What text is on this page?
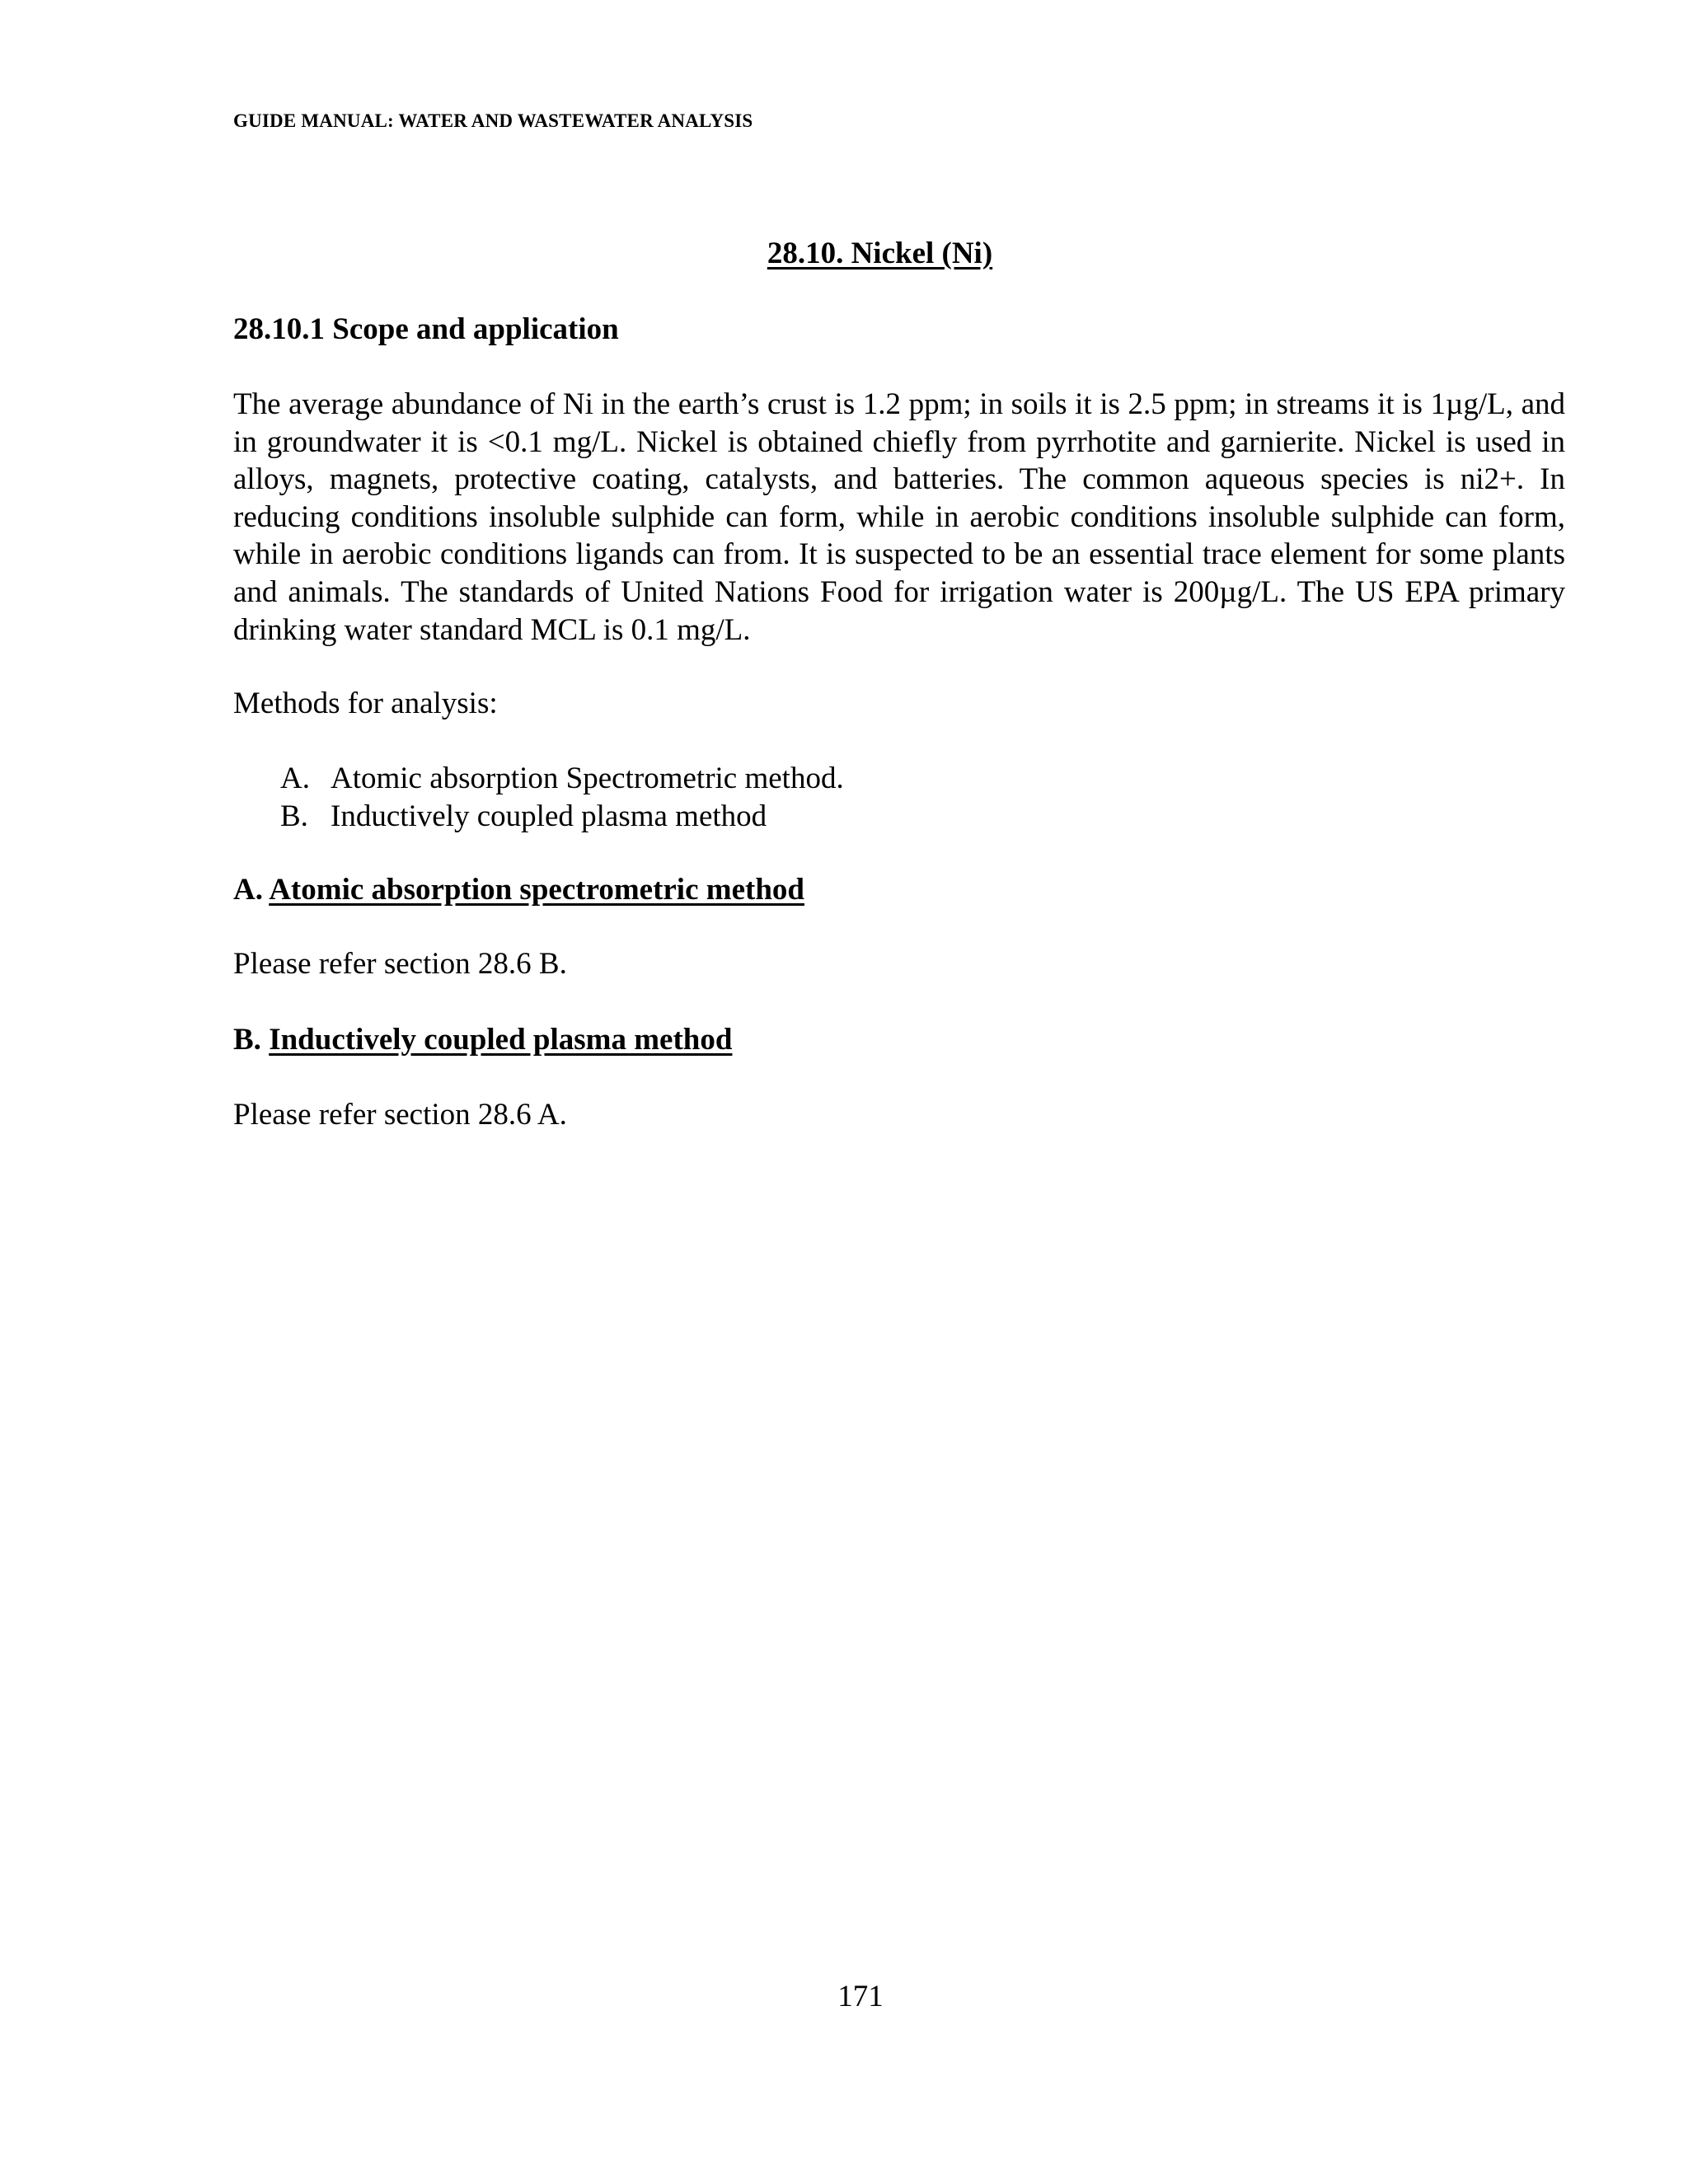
GUIDE MANUAL: WATER AND WASTEWATER ANALYSIS
28.10. Nickel (Ni)
28.10.1 Scope and application
The average abundance of Ni in the earth’s crust is 1.2 ppm; in soils it is 2.5 ppm; in streams it is 1µg/L, and in groundwater it is <0.1 mg/L. Nickel is obtained chiefly from pyrrhotite and garnierite. Nickel is used in alloys, magnets, protective coating, catalysts, and batteries. The common aqueous species is ni2+. In reducing conditions insoluble sulphide can form, while in aerobic conditions insoluble sulphide can form, while in aerobic conditions ligands can from. It is suspected to be an essential trace element for some plants and animals. The standards of United Nations Food for irrigation water is 200µg/L. The US EPA primary drinking water standard MCL is 0.1 mg/L.
Methods for analysis:
A. Atomic absorption Spectrometric method.
B. Inductively coupled plasma method
A. Atomic absorption spectrometric method
Please refer section 28.6 B.
B. Inductively coupled plasma method
Please refer section 28.6 A.
171
